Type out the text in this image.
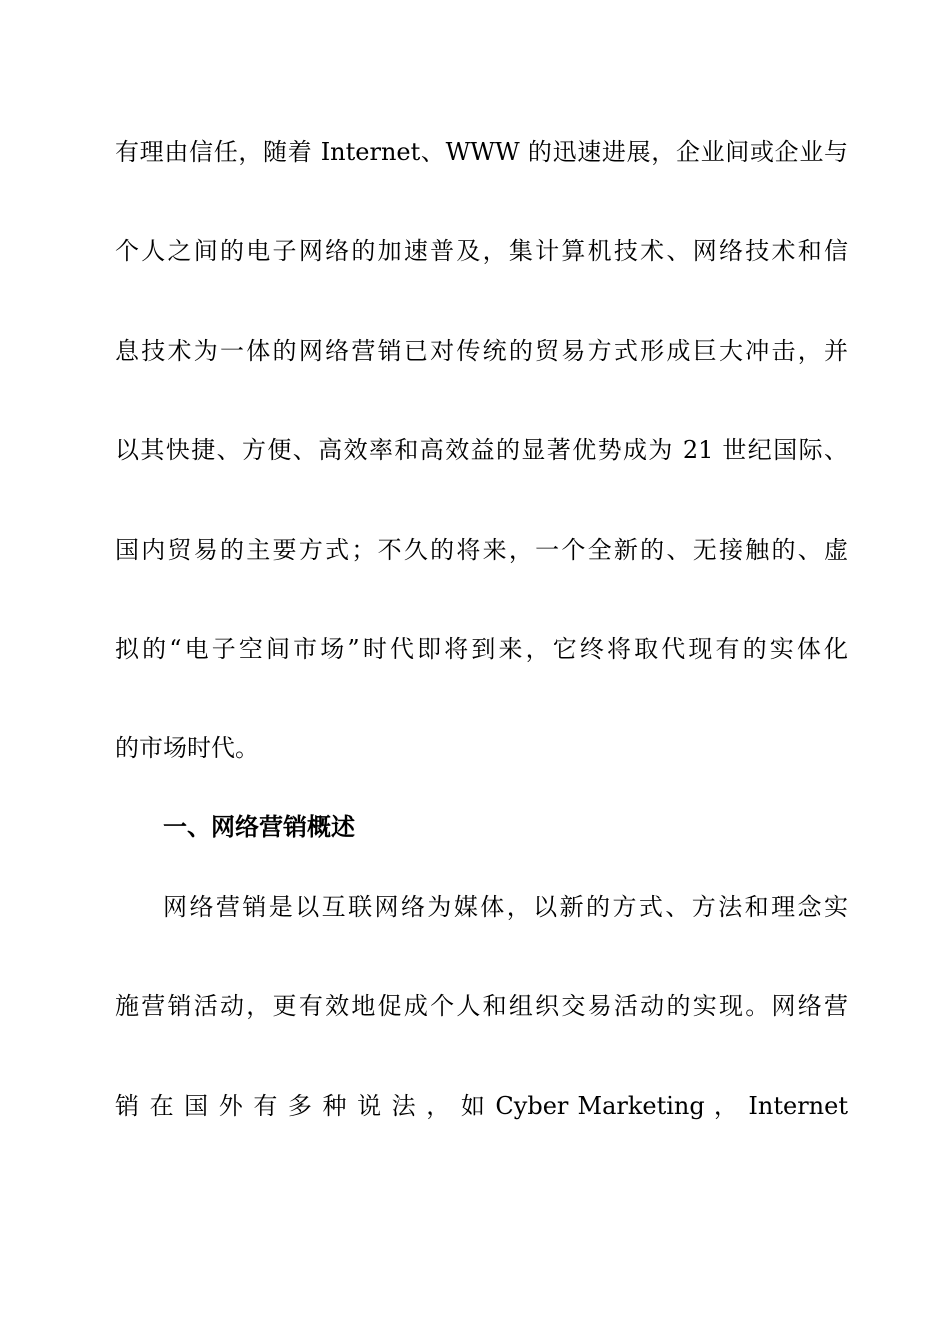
有理由信任，随着 Internet、WWW 的迅速进展，企业间或企业与
个人之间的电子网络的加速普及，集计算机技术、网络技术和信
息技术为一体的网络营销已对传统的贸易方式形成巨大冲击，并
以其快捷、方便、高效率和高效益的显著优势成为 21 世纪国际、
国内贸易的主要方式；不久的将来，一个全新的、无接触的、虚
拟的“电子空间市场”时代即将到来，它终将取代现有的实体化
的市场时代。
一、网络营销概述
网络营销是以互联网络为媒体，以新的方式、方法和理念实
施营销活动，更有效地促成个人和组织交易活动的实现。网络营
销 在 国 外 有 多 种 说 法 ， 如 Cyber Marketing ， Internet
